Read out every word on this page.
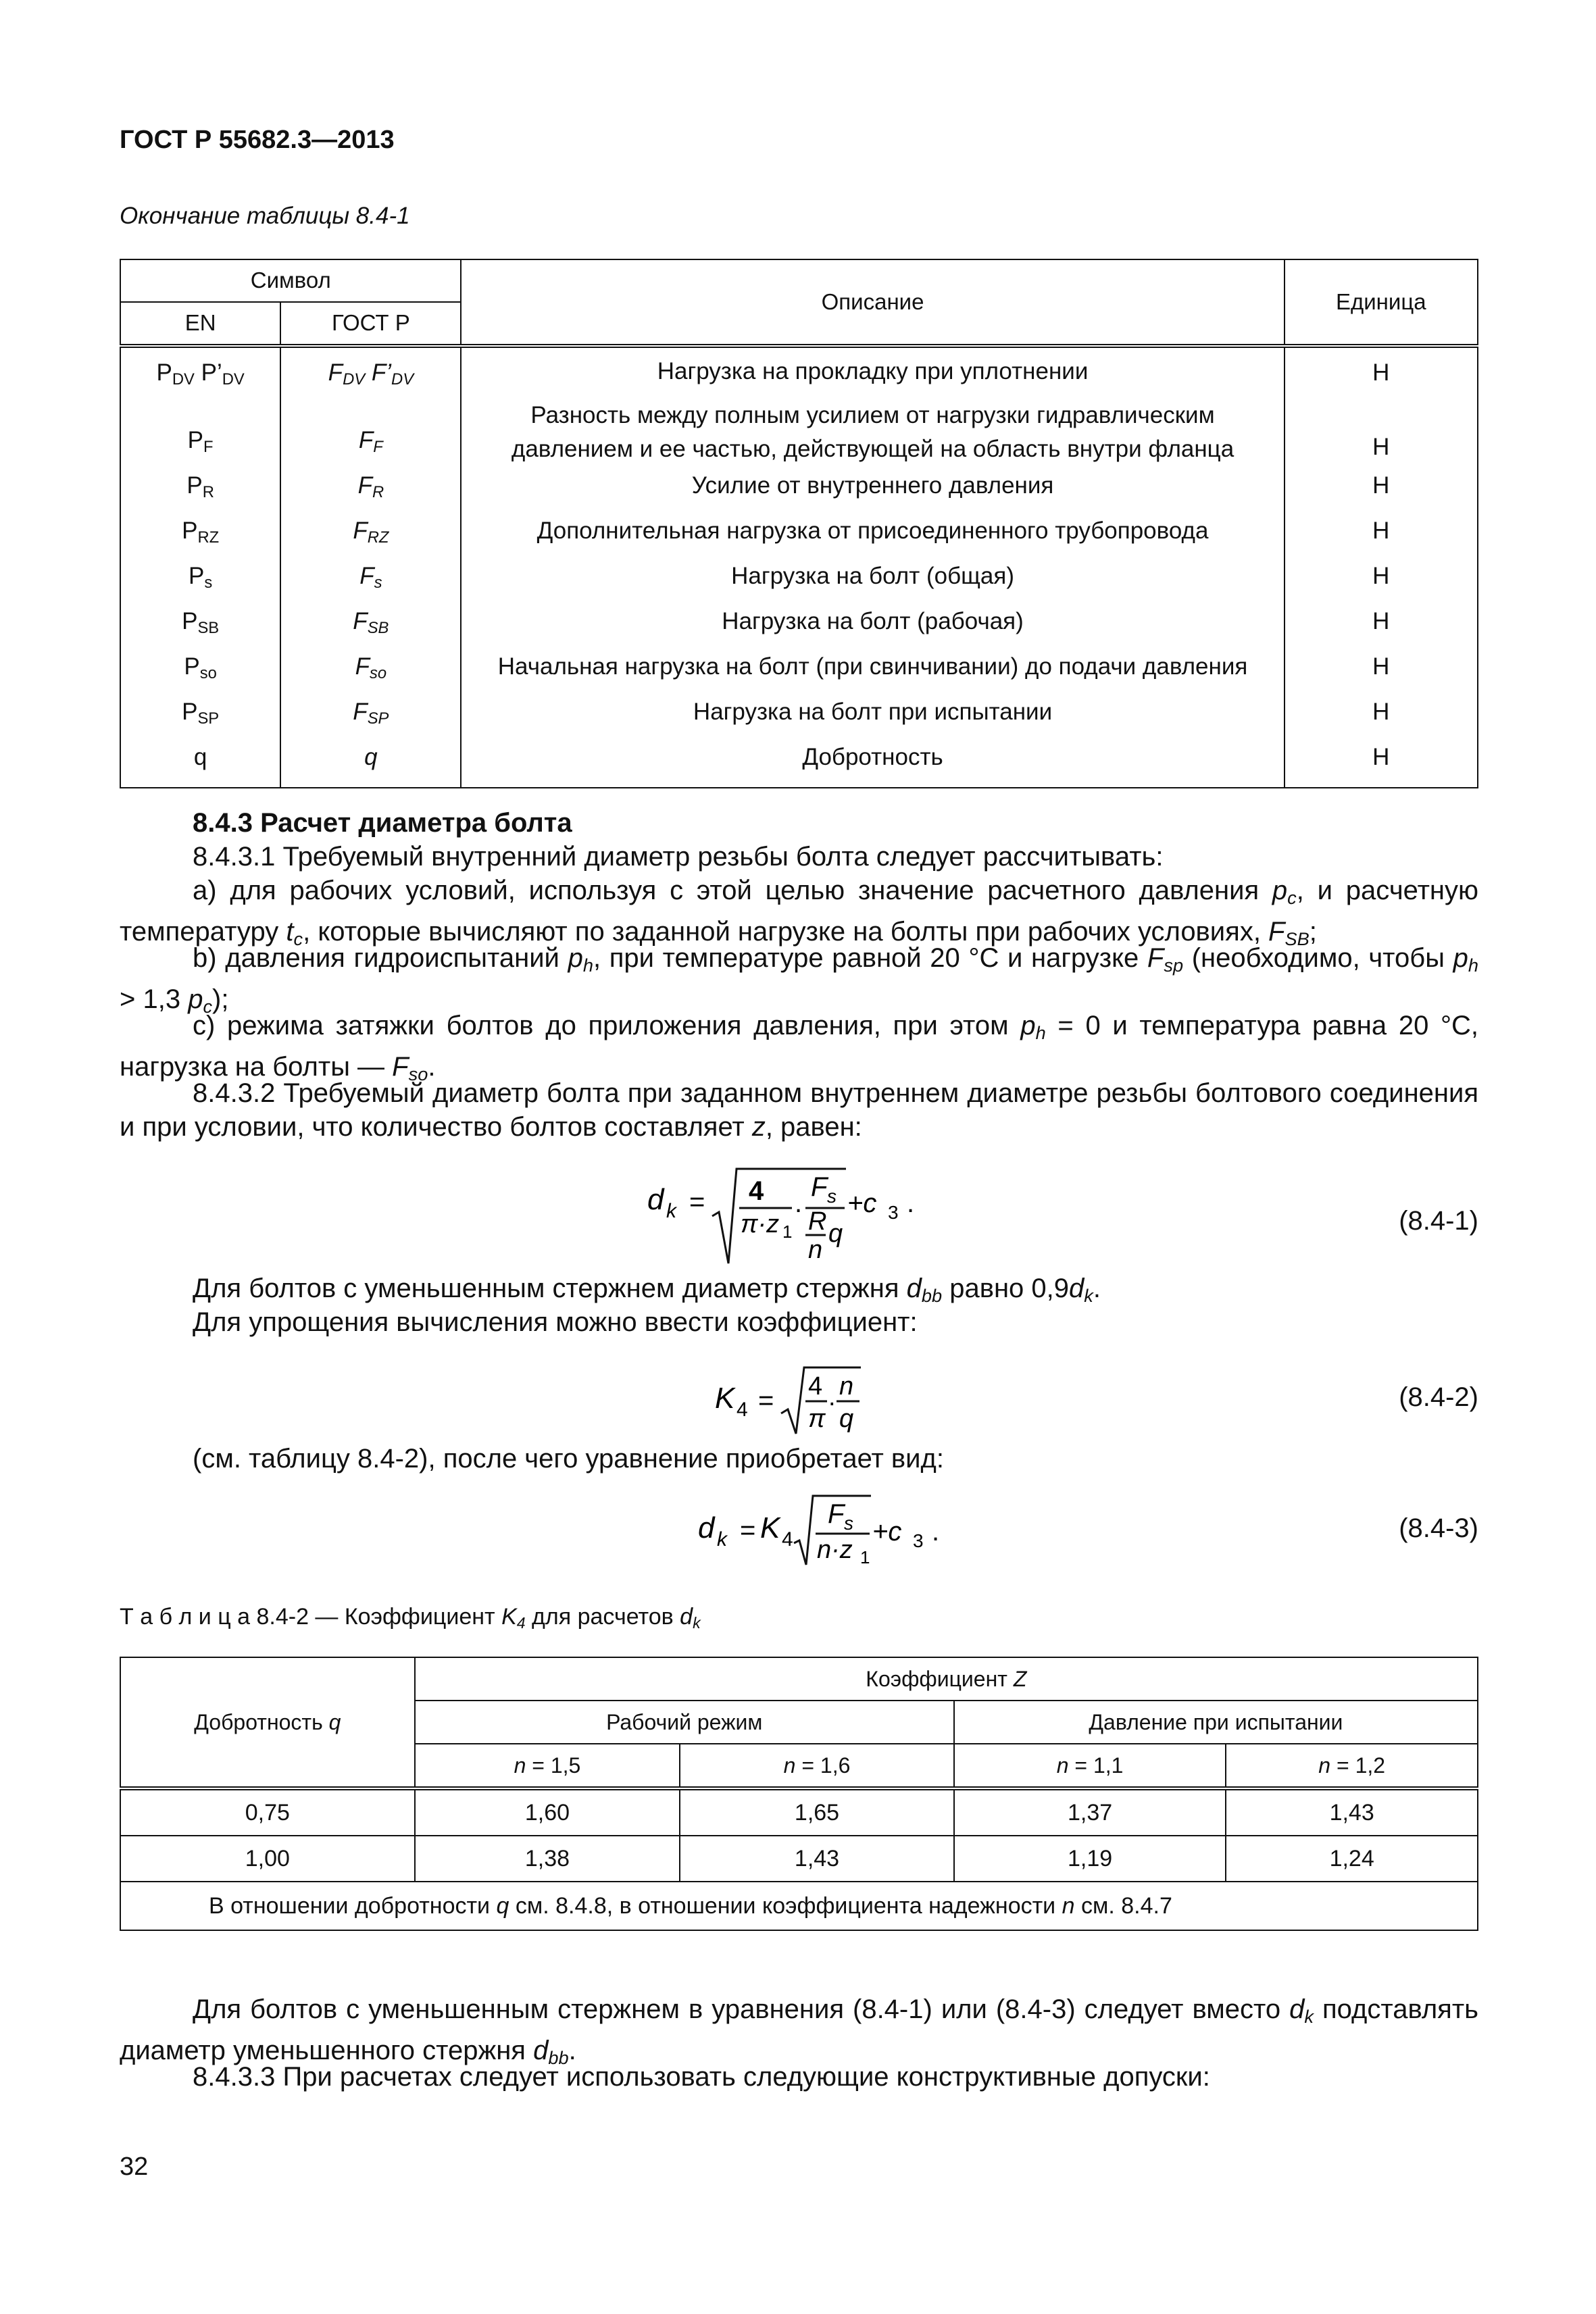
ГОСТ Р 55682.3—2013
Окончание таблицы 8.4-1
Символ		Описание	Единица
EN	ГОСТ Р		
$P_{DV}$ $P’_{DV}$	$F_{DV}$ $F’_{DV}$	Нагрузка на прокладку при уплотнении	Н
$P_F$	$F_F$	Разность между полным усилием от нагрузки гидравлическим давлением и ее частью, действующей на область внутри фланца	Н
$P_R$	$F_R$	Усилие от внутреннего давления	Н
$P_{RZ}$	$F_{RZ}$	Дополнительная нагрузка от присоединенного трубопровода	Н
$P_s$	$F_s$	Нагрузка на болт (общая)	Н
$P_{SB}$	$F_{SB}$	Нагрузка на болт (рабочая)	Н
$P_{so}$	$F_{so}$	Начальная нагрузка на болт (при свинчивании) до подачи давления	Н
$P_{SP}$	$F_{SP}$	Нагрузка на болт при испытании	Н
q	q	Добротность	Н
8.4.3 Расчет диаметра болта
8.4.3.1 Требуемый внутренний диаметр резьбы болта следует рассчитывать:
а) для рабочих условий, используя с этой целью значение расчетного давления $p_c$, и расчетную температуру $t_c$, которые вычисляют по заданной нагрузке на болты при рабочих условиях, $F_{SB}$;
b) давления гидроиспытаний $p_h$, при температуре равной 20 °С и нагрузке $F_{sp}$ (необходимо, чтобы $p_h > 1,3$ $p_c$);
с) режима затяжки болтов до приложения давления, при этом $p_h = 0$ и температура равна 20 °С, нагрузка на болты — $F_{so}$.
8.4.3.2 Требуемый диаметр болта при заданном внутреннем диаметре резьбы болтового соединения и при условии, что количество болтов составляет z, равен:
d k = 4
π·z 1
.
F s
R
n
q
+c 3 .
(8.4-1)
Для болтов с уменьшенным стержнем диаметр стержня $d_{bb}$ равно $0,9d_k$.
Для упрощения вычисления можно ввести коэффициент:
K 4 = 4
π
. n
q
(8.4-2)
(см. таблицу 8.4-2), после чего уравнение приобретает вид:
d k = K 4
F s
n·z 1
+c 3 .	(8.4-3)
Т а б л и ц а 8.4-2 — Коэффициент $K_4$ для расчетов $d_k$
Добротность q	Коэффициент Z			
	Рабочий режим		Давление при испытании	
	n = 1,5	n = 1,6	n = 1,1	n = 1,2
0,75	1,60	1,65	1,37	1,43
1,00	1,38	1,43	1,19	1,24
В отношении добротности q см. 8.4.8, в отношении коэффициента надежности n см. 8.4.7				
Для болтов с уменьшенным стержнем в уравнения (8.4-1) или (8.4-3) следует вместо $d_k$ подставлять диаметр уменьшенного стержня $d_{bb}$.
8.4.3.3 При расчетах следует использовать следующие конструктивные допуски:
32
